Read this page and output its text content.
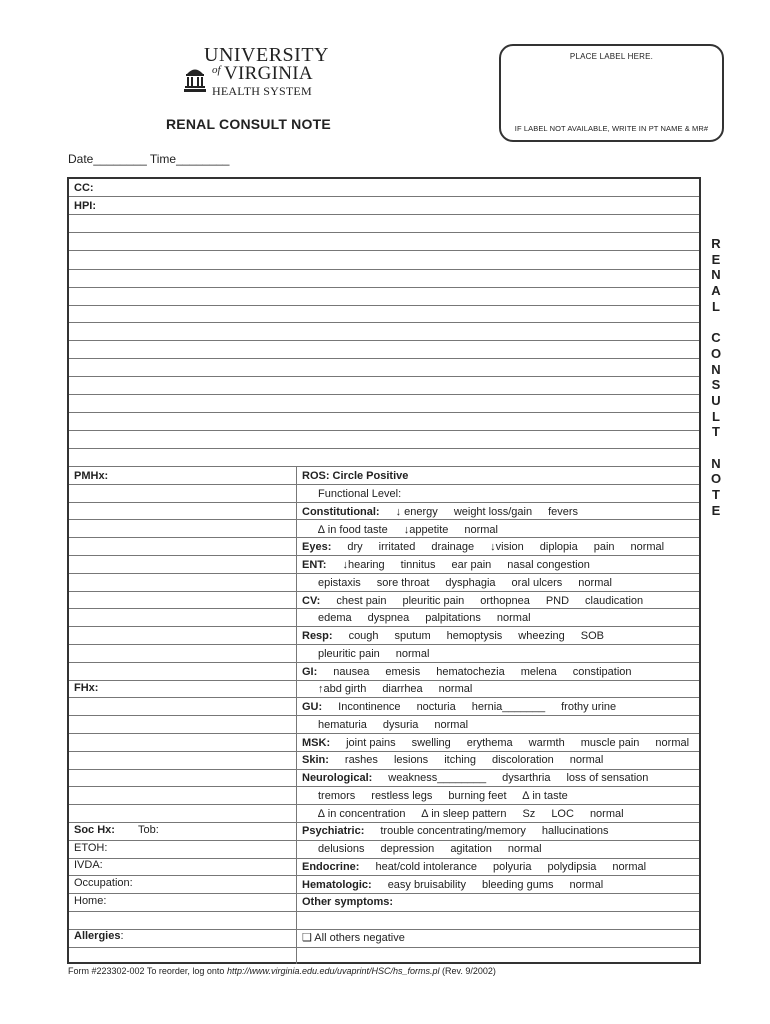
UNIVERSITY
of VIRGINIA
HEALTH SYSTEM
PLACE LABEL HERE.
IF LABEL NOT AVAILABLE, WRITE IN PT NAME & MR#
RENAL CONSULT NOTE
Date________ Time________
CC:
HPI:
PMHx:
FHx:
Soc Hx: Tob:
ETOH:
IVDA:
Occupation:
Home:
Allergies:
ROS: Circle Positive
Functional Level:
Constitutional: ↓ energy weight loss/gain fevers
∆ in food taste ↓appetite normal
Eyes: dry irritated drainage ↓vision diplopia pain normal
ENT: ↓hearing tinnitus ear pain nasal congestion
epistaxis sore throat dysphagia oral ulcers normal
CV: chest pain pleuritic pain orthopnea PND claudication
edema dyspnea palpitations normal
Resp: cough sputum hemoptysis wheezing SOB
pleuritic pain normal
GI: nausea emesis hematochezia melena constipation
↑abd girth diarrhea normal
GU: Incontinence nocturia hernia_______ frothy urine
hematuria dysuria normal
MSK: joint pains swelling erythema warmth muscle pain normal
Skin: rashes lesions itching discoloration normal
Neurological: weakness________ dysarthria loss of sensation
tremors restless legs burning feet ∆ in taste
∆ in concentration ∆ in sleep pattern Sz LOC normal
Psychiatric: trouble concentrating/memory hallucinations
delusions depression agitation normal
Endocrine: heat/cold intolerance polyuria polydipsia normal
Hematologic: easy bruisability bleeding gums normal
Other symptoms:
❑ All others negative
R
E
N
A
L

C
O
N
S
U
L
T

N
O
T
E
Form #223302-002 To reorder, log onto http://www.virginia.edu.edu/uvaprint/HSC/hs_forms.pl (Rev. 9/2002)
